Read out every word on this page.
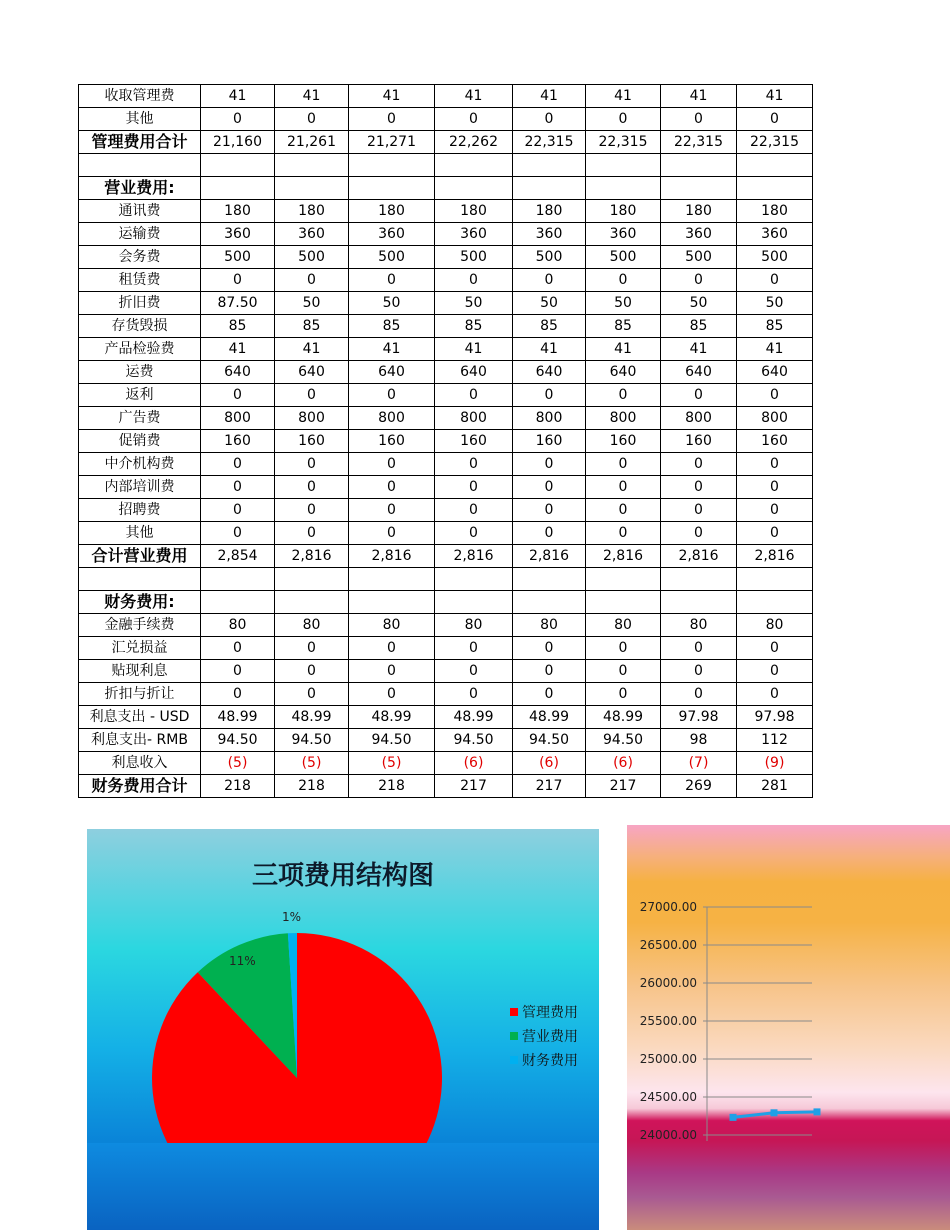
收取管理费	41	41	41	41	41	41	41	41
其他	0	0	0	0	0	0	0	0
管理费用合计	21,160	21,261	21,271	22,262	22,315	22,315	22,315	22,315

营业费用:								
通讯费	180	180	180	180	180	180	180	180
运输费	360	360	360	360	360	360	360	360
会务费	500	500	500	500	500	500	500	500
租赁费	0	0	0	0	0	0	0	0
折旧费	87.50	50	50	50	50	50	50	50
存货毁损	85	85	85	85	85	85	85	85
产品检验费	41	41	41	41	41	41	41	41
运费	640	640	640	640	640	640	640	640
返利	0	0	0	0	0	0	0	0
广告费	800	800	800	800	800	800	800	800
促销费	160	160	160	160	160	160	160	160
中介机构费	0	0	0	0	0	0	0	0
内部培训费	0	0	0	0	0	0	0	0
招聘费	0	0	0	0	0	0	0	0
其他	0	0	0	0	0	0	0	0
合计营业费用	2,854	2,816	2,816	2,816	2,816	2,816	2,816	2,816

财务费用:								
金融手续费	80	80	80	80	80	80	80	80
汇兑损益	0	0	0	0	0	0	0	0
贴现利息	0	0	0	0	0	0	0	0
折扣与折让	0	0	0	0	0	0	0	0
利息支出 - USD	48.99	48.99	48.99	48.99	48.99	48.99	97.98	97.98
利息支出- RMB	94.50	94.50	94.50	94.50	94.50	94.50	98	112
利息收入	(5)	(5)	(5)	(6)	(6)	(6)	(7)	(9)
财务费用合计	218	218	218	217	217	217	269	281
三项费用结构图
管理费用
营业费用
财务费用
11%
1%
24000.00
24500.00
25000.00
25500.00
26000.00
26500.00
27000.00
